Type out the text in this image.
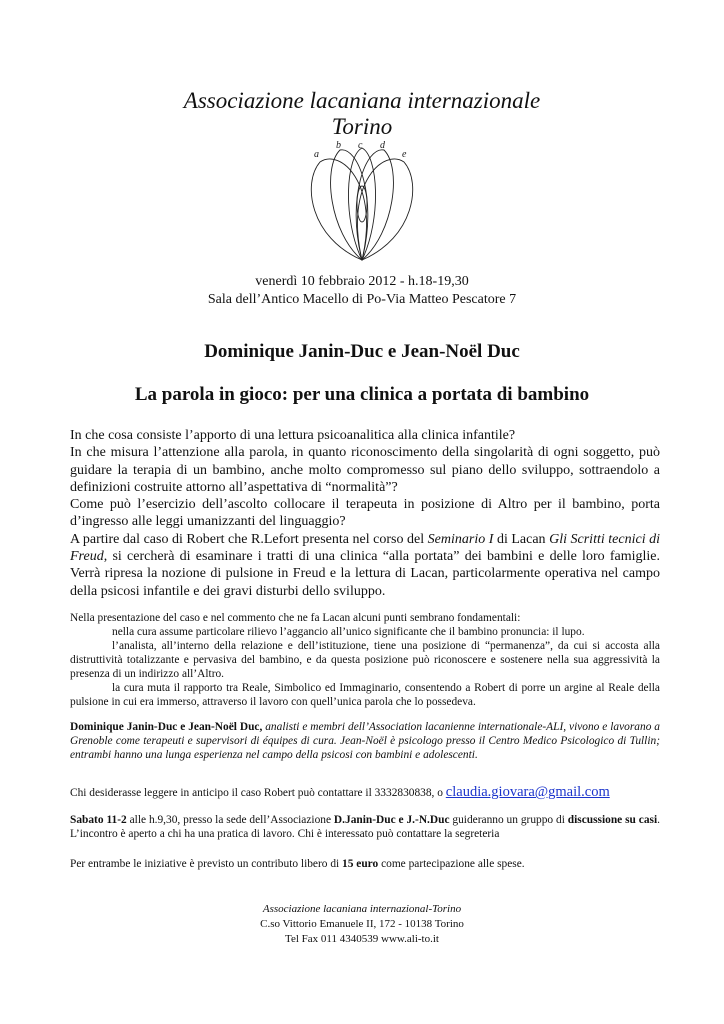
Associazione lacaniana internazionale
Torino
a
b c d
e
venerdì 10 febbraio 2012 - h.18-19,30
Sala dell’Antico Macello di Po-Via Matteo Pescatore 7
Dominique Janin-Duc e Jean-Noël Duc
La parola in gioco: per una clinica a portata di bambino

In che cosa consiste l’apporto di una lettura psicoanalitica alla clinica infantile?

In che misura l’attenzione alla parola, in quanto riconoscimento della singolarità di ogni soggetto, può guidare la terapia di un bambino, anche molto compromesso sul piano dello sviluppo, sottraendolo a definizioni costruite attorno all’aspettativa di “normalità”?

Come può l’esercizio dell’ascolto collocare il terapeuta in posizione di Altro per il bambino, porta d’ingresso alle leggi umanizzanti del linguaggio?

A partire dal caso di Robert che R.Lefort presenta nel corso del Seminario I di Lacan Gli Scritti tecnici di Freud, si cercherà di esaminare i tratti di una clinica “alla portata” dei bambini e delle loro famiglie. Verrà ripresa la nozione di pulsione in Freud e la lettura di Lacan, particolarmente operativa nel campo della psicosi infantile e dei gravi disturbi dello sviluppo.

Nella presentazione del caso e nel commento che ne fa Lacan alcuni punti sembrano fondamentali:

nella cura assume particolare rilievo l’aggancio all’unico significante che il bambino pronuncia: il lupo.

l’analista, all’interno della relazione e dell’istituzione, tiene una posizione di “permanenza”, da cui si accosta alla distruttività totalizzante e pervasiva del bambino, e da questa posizione può riconoscere e sostenere nella sua aggressività la presenza di un indirizzo all’Altro.

la cura muta il rapporto tra Reale, Simbolico ed Immaginario, consentendo a Robert di porre un argine al Reale della pulsione in cui era immerso, attraverso il lavoro con quell’unica parola che lo possedeva.

Dominique Janin-Duc e Jean-Noël Duc, analisti e membri dell’Association lacanienne internationale-ALI, vivono e lavorano a Grenoble come terapeuti e supervisori di équipes di cura. Jean-Noël è psicologo presso il Centro Medico Psicologico di Tullin; entrambi hanno una lunga esperienza nel campo della psicosi con bambini e adolescenti.

Chi desiderasse leggere in anticipo il caso Robert può contattare il 3332830838, o claudia.giovara@gmail.com

Sabato 11-2 alle h.9,30, presso la sede dell’Associazione D.Janin-Duc e J.-N.Duc guideranno un gruppo di discussione su casi. L’incontro è aperto a chi ha una pratica di lavoro. Chi è interessato può contattare la segreteria

Per entrambe le iniziative è previsto un contributo libero di 15 euro come partecipazione alle spese.

Associazione lacaniana internazional-Torino
C.so Vittorio Emanuele II, 172 - 10138 Torino
Tel Fax 011 4340539 www.ali-to.it
